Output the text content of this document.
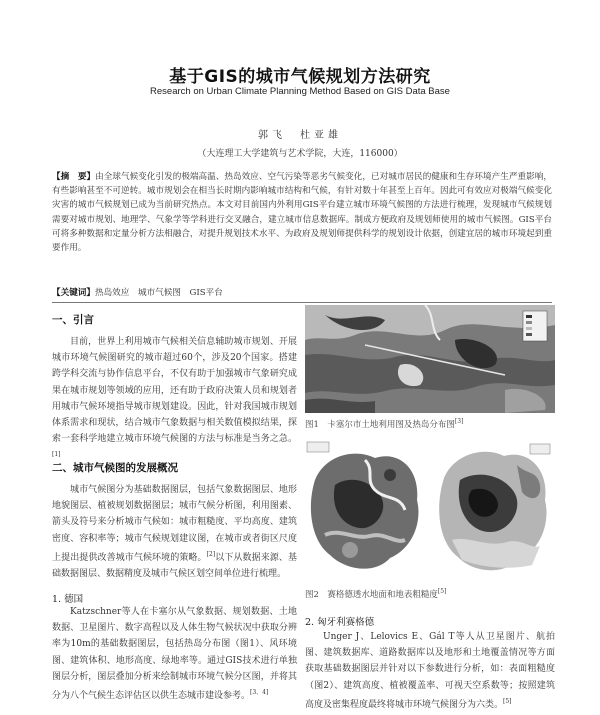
基于GIS的城市气候规划方法研究
Research on Urban Climate Planning Method Based on GIS Data Base
郭飞　杜亚雄
（大连理工大学建筑与艺术学院，大连，116000）
【摘　要】由全球气候变化引发的极端高温、热岛效应、空气污染等恶劣气候变化，已对城市居民的健康和生存环境产生严重影响，有些影响甚至不可逆转。城市规划会在相当长时期内影响城市结构和气候，有针对数十年甚至上百年。因此可有效应对极端气候变化灾害的城市气候规划已成为当前研究热点。本文对目前国内外利用GIS平台建立城市环境气候图的方法进行梳理，发现城市气候规划需要对城市规划、地理学、气象学等学科进行交叉融合，建立城市信息数据库。制成方便政府及规划师使用的城市气候图。GIS平台可将多种数据和定量分析方法相融合，对提升规划技术水平、为政府及规划师提供科学的规划设计依据，创建宜居的城市环境起到重要作用。
【关键词】热岛效应　城市气候图　GIS平台
一、引言
目前，世界上利用城市气候相关信息辅助城市规划、开展城市环境气候图研究的城市超过60个，涉及20个国家。搭建跨学科交流与协作信息平台，不仅有助于加强城市气象研究成果在城市规划等领域的应用，还有助于政府决策人员和规划者用城市气候环境指导城市规划建设。因此，针对我国城市规划体系需求和现状，结合城市气象数据与相关数值模拟结果，探索一套科学地建立城市环境气候图的方法与标准是当务之急。[1]
二、城市气候图的发展概况
城市气候图分为基础数据图层，包括气象数据图层、地形地貌图层、植被规划数据图层；城市气候分析图，利用图素、箭头及符号来分析城市气候如：城市粗糙度、平均高度、建筑密度、容积率等；城市气候规划建议图，在城市或者街区尺度上提出提供改善城市气候环境的策略。[2]以下从数据来源、基础数据图层、数据精度及城市气候区划空间单位进行梳理。
1. 德国
Katzschner等人在卡塞尔从气象数据、规划数据、土地数据、卫星图片、数字高程以及人体生物气候状况中获取分辨率为10m的基础数据图层，包括热岛分布图（图1）、风环境图、建筑体积、地形高度、绿地率等。通过GIS技术进行单独图层分析，图层叠加分析来绘制城市环境气候分区图，并将其分为八个气候生态评估区以供生态城市建设参考。[3、4]
图1　卡塞尔市土地利用图及热岛分布图[3]
图2　赛格德透水地面和地表粗糙度[5]
2. 匈牙利赛格德
Unger J、Lelovics E、Gál T等人从卫星图片、航拍图、建筑数据库、道路数据库以及地形和土地覆盖情况等方面获取基础数据图层并针对以下参数进行分析，如：表面粗糙度（图2）、建筑高度、植被覆盖率、可视天空系数等；按照建筑高度及密集程度最终将城市环境气候图分为六类。[5]
